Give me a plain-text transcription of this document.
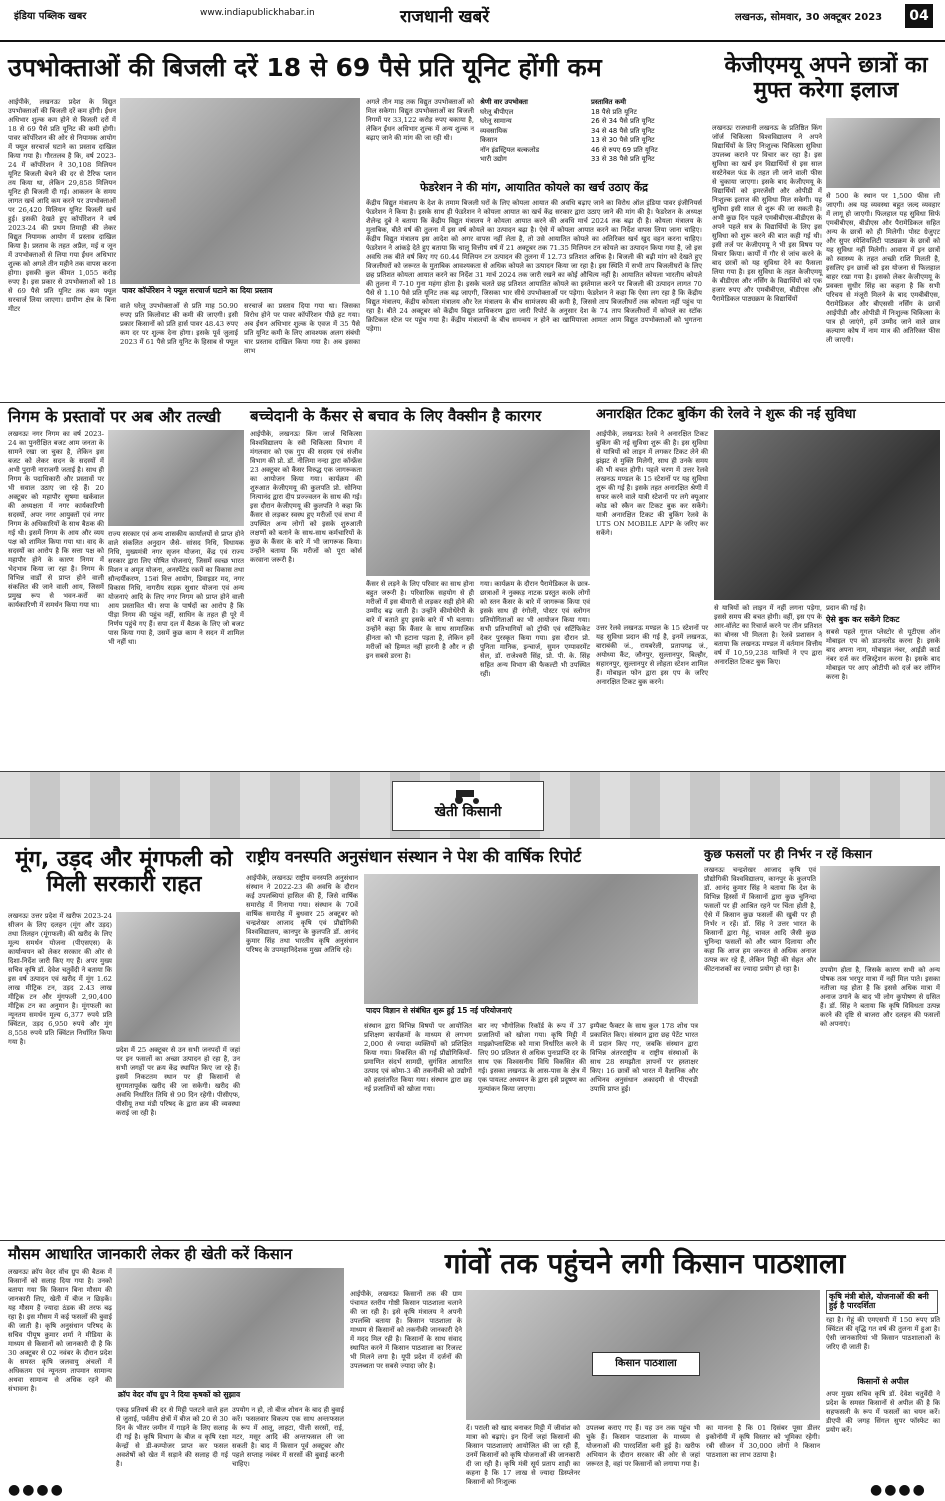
इंडिया पब्लिक खबर	www.indiapublickhabar.in	राजधानी खबरें	लखनऊ, सोमवार, 30 अक्टूबर 2023	04
उपभोक्ताओं की बिजली दरें 18 से 69 पैसे प्रति यूनिट होंगी कम
आईपीके, लखनऊः प्रदेश के विद्युत उपभोक्ताओं की बिजली दरें कम होंगी। ईंधन अधिभार शुल्क कम होने से बिजली दरों में 18 से 69 पैसे प्रति यूनिट की कमी होगी। पावर कॉर्पोरेशन की ओर से नियामक आयोग में फ्यूल सरचार्ज घटाने का प्रस्ताव दाखिल किया गया है। गौरतलब है कि, वर्ष 2023-24 में कॉर्पोरेशन ने 30,108 मिलियन यूनिट बिजली बेचने की दर से टैरिफ प्लान तय किया था, लेकिन 29,858 मिलियन यूनिट ही बिजली दी गई। आकलन के समय लागत खर्च आदि कम करने पर उपभोक्ताओं पर 26,420 मिलियन यूनिट बिजली खर्च हुई। इसकी देखते हुए कॉर्पोरेशन ने वर्ष 2023-24 की प्रथम तिमाही की लेकर विद्युत नियामक आयोग में प्रस्ताव दाखिल किया है। प्रस्ताव के तहत अप्रैल, मई व जून में उपभोक्ताओं से लिया गया ईंधन अधिभार शुल्क को अगले तीन महीने तक वापस करना होगा। इसकी कुल कीमत 1,055 करोड़ रुपए है। इस प्रकार से उपभोक्ताओं को 18 से 69 पैसे प्रति यूनिट तक कम फ्यूल सरचार्ज लिया जाएगा। ग्रामीण क्षेत्र के बिना मीटर
पावर कॉर्पोरेशन ने फ्यूल सरचार्ज घटाने का दिया प्रस्ताव
वाले घरेलू उपभोक्ताओं से प्रति माह 50.90 रुपए प्रति किलोवाट की कमी की जाएगी। इसी प्रकार किसानों को प्रति हार्स पावर 48.43 रुपए कम दर पर शुल्क देना होगा। इसके पूर्व जुलाई 2023 में 61 पैसे प्रति यूनिट के हिसाब से फ्यूल
सरचार्ज का प्रस्ताव दिया गया था। जिसका विरोध होने पर पावर कॉर्पोरेशन पीछे हट गया। अब ईंधन अधिभार शुल्क के एवज में 35 पैसे प्रति यूनिट कमी के लिए आवश्यक अलग संबंधी चार प्रस्ताव दाखिल किया गया है। अब इसका लाभ
अगले तीन माह तक विद्युत उपभोक्ताओं को मिल सकेगा। विद्युत उपभोक्ताओं का बिजली निगमों पर 33,122 करोड़ रुपए बकाया है, लेकिन ईंधन अधिभार शुल्क में अन्य शुल्क न बढ़ाए जाने की मांग की जा रही थी।
श्रेणी वार उपभोक्ता	प्रस्तावित कमी
घरेलू बीपीएल	18 पैसे प्रति यूनिट
घरेलू सामान्य	26 से 34 पैसे प्रति यूनिट
व्यवसायिक	34 से 48 पैसे प्रति यूनिट
किसान	13 से 30 पैसे प्रति यूनिट
नॉन इंडस्ट्रियल बल्कलोड	46 से रुपए 69 प्रति यूनिट
भारी उद्योग	33 से 38 पैसे प्रति यूनिट
फेडरेशन ने की मांग, आयातित कोयले का खर्च उठाए केंद्र
केंद्रीय विद्युत मंत्रालय के देश के तमाम बिजली घरों के लिए कोयला आयात की अवधि बढ़ाए जाने का विरोध ऑल इंडिया पावर इंजीनियर्स फेडरेशन ने किया है। इसके साथ ही फेडरेशन ने कोयला आयात का खर्च केंद्र सरकार द्वारा उठाए जाने की मांग की है। फेडरेशन के अध्यक्ष शैलेन्द्र दुबे ने बताया कि केंद्रीय विद्युत मंत्रालय ने कोयला आयात करने की अवधि मार्च 2024 तक बढ़ा दी है। कोयला मंत्रालय के मुताबिक, बीते वर्ष की तुलना में इस वर्ष कोयले का उत्पादन बढ़ा है। ऐसे में कोयला आयात करने का निर्देश वापस लिया जाना चाहिए। केंद्रीय विद्युत मंत्रालय इस आदेश को अगर वापस नहीं लेता है, तो उसे आयातित कोयले का अतिरिक्त खर्च खुद वहन करना चाहिए। फेडरेशन ने आंकड़े देते हुए बताया कि चालू वित्तीय वर्ष में 21 अक्टूबर तक 71.35 मिलियन टन कोयले का उत्पादन किया गया है, जो इस अवधि तक बीते वर्ष किए गए 60.44 मिलियन टन उत्पादन की तुलना में 12.73 प्रतिशत अधिक है। बिजली की बढ़ी मांग को देखते हुए विजलीघरों को जरूरत के मुताबिक आवश्यकता से अधिक कोयले का उत्पादन किया जा रहा है। इस स्थिति में सभी ताप बिजलीघरों के लिए छह प्रतिशत कोयला आयात करने का निर्देश 31 मार्च 2024 तक जारी रखने का कोई औचित्य नहीं है। आयातित कोयला भारतीय कोयले की तुलना में 7-10 गुना महंगा होता है। इसके चलते छह प्रतिशत आयातित कोयले का इस्तेमाल करने पर बिजली की उत्पादन लागत 70 पैसे से 1.10 पैसे प्रति यूनिट तक बढ़ जाएगी, जिसका भार सीधे उपभोक्ताओं पर पड़ेगा। फेडरेशन ने कहा कि ऐसा लग रहा है कि केंद्रीय विद्युत मंत्रालय, केंद्रीय कोयला मंत्रालय और रेल मंत्रालय के बीच सामंजस्य की कमी है, जिससे ताप बिजलीघरों तक कोयला नहीं पहुंच पा रहा है। बीते 24 अक्टूबर को केंद्रीय विद्युत प्राधिकरण द्वारा जारी रिपोर्ट के अनुसार देश के 74 ताप बिजलीघरों में कोयले का स्टॉक क्रिटिकल स्टेज पर पहुंच गया है। केंद्रीय मंत्रालयों के बीच समन्वय न होने का खामियाजा आमतः आम विद्युत उपभोक्ताओं को भुगतना पड़ेगा।
केजीएमयू अपने छात्रों का मुफ्त करेगा इलाज
लखनऊः राजधानी लखनऊ के प्रतिष्ठित किंग जॉर्ज चिकित्सा विश्वविद्यालय ने अपने विद्यार्थियों के लिए निःशुल्क चिकित्सा सुविधा उपलब्ध कराने पर विचार कर रहा है। इस सुविधा का खर्च इन विद्यार्थियों से इस साल सस्टेनेबल फंड के तहत ली जाने वाली फीस से चुकाया जाएगा। इसके बाद केजीएमयू के विद्यार्थियों को इमरजेंसी और ओपीडी में निःशुल्क इलाज की सुविधा मिल सकेगी। यह सुविधा इसी साल से शुरू की जा सकती है। अभी कुछ दिन पहले एमबीबीएस-बीडीएस के अपने पहले सत्र के विद्यार्थियों के लिए इस सुविधा को शुरू करने की बात कही गई थी। इसी तर्ज पर केजीएमयू ने भी इस विषय पर विचार किया। कार्यों में गौर से जांच करने के बाद छात्रों को यह सुविधा देने का फैसला लिया गया है। इस सुविधा के तहत केजीएमयू के बीडीएस और नर्सिंग के विद्यार्थियों को एक हजार रुपए और एमबीबीएस, बीडीएस और पैरामेडिकल पाठ्यक्रम के विद्यार्थियों
से 500 के स्थान पर 1,500 फीस ली जाएगी। अब यह व्यवस्था बहुत जल्द व्यवहार में लागू हो जाएगी। फिलहाल यह सुविधा सिर्फ एमबीबीएस, बीडीएस और पैरामेडिकल सहित अन्य के छात्रों को ही मिलेगी। पोस्ट ग्रेजुएट और सुपर स्पेशियलिटी पाठ्यक्रम के छात्रों को यह सुविधा नहीं मिलेगी। आवास में इन छात्रों को स्वास्थ्य के तहत अच्छी राशि मिलती है, इसलिए इन छात्रों को इस योजना से फिलहाल बाहर रखा गया है। इसको लेकर केजीएमयू के प्रवक्ता सुधीर सिंह का कहना है कि सभी परिचय से मंजूरी मिलने के बाद एमबीबीएस, पैरामेडिकल और बीएससी नर्सिंग के छात्रों आईपीडी और ओपीडी में निःशुल्क चिकित्सा के पात्र हो जाएंगे, हमें उम्मीद जाने वाले छात्र कल्याण कोष में नाम मात्र की अतिरिक्त फीस ली जाएगी।
निगम के प्रस्तावों पर अब और तल्खी
लखनऊः नगर निगम का वर्ष 2023-24 का पुनरीक्षित बजट आम जनता के सामने रखा जा चुका है, लेकिन इस बजट को लेकर सदन के सदस्यों में अभी पुरानी नाराजगी जताई है। साथ ही निगम के पदाधिकारी और प्रस्तावों पर भी सवाल उठाए जा रहे हैं। 20 अक्टूबर को महापौर सुषमा खर्कवाल की अध्यक्षता में नगर कार्यकारिणी सदस्यों, अपर नगर आयुक्तों एवं नगर निगम के अधिकारियों के साथ बैठक की गई थी। इसमें निगम के आय और व्यय पक्ष को शामिल किया गया था। वाद के सदस्यों का आरोप है कि सत्ता पक्ष को महापौर होने के कारण निगम में भेदभाव किया जा रहा है। निगम के विभिन्न वार्डों से प्राप्त होने वाली संकलित की जाने वाली आय, जिसमें प्रमुख रूप से भवन-करों का कार्यकारिणी में समर्थन किया गया था।
राज्य सरकार एवं अन्य शासकीय कार्यालयों से प्राप्त होने वाले संकलित अनुदान जैसे- सांसद निधि, विधायक निधि, मुख्यमंत्री नगर सृजन योजना, केंद्र एवं राज्य सरकार द्वारा लिए पोषित योजनाएं, जिसमें स्वच्छ भारत मिशन व अमृत योजना, अनस्पेंटेड रकमें का विकास तथा सौन्दर्यीकरण, 15वां वित्त आयोग, डिवाइडर मद, नगर विकास निधि, नागरीय सड़क सुधार योजना एवं अन्य योजनाएं आदि के लिए नगर निगम को प्राप्त होने वाली आय प्रस्तावित थी। सपा के पार्षदों का आरोप है कि पीड़ा निगम की पहुंच नहीं, साधिन के तहत ही पूरे में निर्णय पहुंचे गए हैं। सपा दल में बैठक के लिए जो बजट पास किया गया है, उसमें कुछ काम ने सदन में शामिल भी नहीं था।
बच्चेदानी के कैंसर से बचाव के लिए वैक्सीन है कारगर
आईपीके, लखनऊः किंग जार्ज चिकित्सा विश्वविद्यालय के स्त्री चिकित्सा विभाग में मंगलवार को एक गुप की सदस्य एवं संजीव विभाग की प्रो. डॉ. नीलिमा नन्दा द्वारा कॉन्फ्रेंस 23 अक्टूबर को कैंसर विरुद्ध एक जागरूकता का आयोजन किया गया। कार्यक्रम की शुरुआत केजीएमयू की कुलपति प्रो. सोनिया नित्यानंद द्वारा दीप प्रज्ज्वलन के साथ की गई। इस दौरान केजीएमयू की कुलपति ने कहा कि कैंसर से लड़कर स्वस्थ हुए मरीजों एवं सभा में उपस्थित अन्य लोगों को इसके शुरुआती लक्षणों को बताने के साथ-साथ कर्मचारियों के कुछ के कैंसर के बारे में भी जागरूक किया। उन्होंने बताया कि मरीजों को पूरा कोर्स करवाना जरूरी है।
कैंसर से लड़ने के लिए परिवार का साथ होना बहुत जरूरी है। परिवारिक सहयोग से ही मरीजों में इस बीमारी से लड़कर सही होने की उम्मीद बढ़ जाती है। उन्होंने कीमोथेरेपी के बारे में बताते हुए इसके बारे में भी बताया। उन्होंने कहा कि कैंसर के साथ सामाजिक हीनता को भी हटाना पड़ता है, लेकिन हमें मरीजों को हिम्मत नहीं हारनी है और न ही इन सबसे डरना है।
गया। कार्यक्रम के दौरान पैरामेडिकल के छात्र-छात्राओं ने नुक्कड़ नाटक प्रस्तुत करके लोगों को स्तन कैंसर के बारे में जागरूक किया एवं इसके साथ ही रंगोली, पोस्टर एवं स्लोगन प्रतियोगिताओं का भी आयोजन किया गया। सभी प्रतिभागियों को ट्रॉफी एवं सर्टिफिकेट देकर पुरस्कृत किया गया। इस दौरान प्रो. पुनिता मानिक, इन्चार्ज, सुमन एम्पावरमेंट सेल, डॉ. राजेश्वरी सिंह, प्रो. पी. के. सिंह सहित अन्य विभाग की फैकल्टी भी उपस्थित रहीं।
अनारक्षित टिकट बुकिंग की रेलवे ने शुरू की नई सुविधा
आईपीके, लखनऊः रेलवे ने अनारक्षित टिकट बुकिंग की नई सुविधा शुरू की है। इस सुविधा से यात्रियों को लाइन में लगकर टिकट लेने की झंझट से मुक्ति मिलेगी, साथ ही उनके समय की भी बचत होगी। पहले चरण में उत्तर रेलवे लखनऊ मण्डल के 15 स्टेशनों पर यह सुविधा शुरू की गई है। इसके तहत अनारक्षित श्रेणी में सफर करने वाले यात्री स्टेशनों पर लगे क्यूआर कोड को स्कैन कर टिकट बुक कर सकेंगे। यात्री अनारक्षित टिकट की बुकिंग रेलवे के UTS ON MOBILE APP के जरिए कर सकेंगे।
उत्तर रेलवे लखनऊ मण्डल के 15 स्टेशनों पर यह सुविधा प्रदान की गई है, इनमें लखनऊ, बाराबंकी जं., रायबरेली, प्रतापगढ़ जं., अयोध्या कैंट, जौनपुर, सुल्तानपुर, बिल्हौर, सहारनपुर, सुल्तानपुर से लोहता स्टेशन शामिल हैं। मोबाइल फोन द्वारा इस एप के जरिए अनारक्षित टिकट बुक करने।
से यात्रियों को लाइन में नहीं लगना पड़ेगा, इससे समय की बचत होगी। वहीं, इस एप के आर-वॉलेट का रिचार्ज करने पर तीन प्रतिशत का बोनस भी मिलता है। रेलवे प्रशासन ने बताया कि लखनऊ मण्डल में वर्तमान वित्तीय वर्ष में 10,59,238 यात्रियों ने एप द्वारा अनारक्षित टिकट बुक किए।
प्रदान की गई है।
ऐसे बुक कर सकेंगे टिकट
सबसे पहले गूगल प्लेस्टोर से यूटीएस ऑन मोबाइल एप को डाउनलोड करना है। इसके बाद अपना नाम, मोबाइल नंबर, आईडी कार्ड नंबर दर्ज कर रजिस्ट्रेशन करना है। इसके बाद मोबाइल पर आए ओटीपी को दर्ज कर लॉगिन करना है।
खेती किसानी
मूंग, उड़द और मूंगफली को मिली सरकारी राहत
लखनऊः उत्तर प्रदेश में खरीफ 2023-24 सीजन के लिए दलहन (मूंग और उड़द) तथा तिलहन (मूंगफली) की खरीद के लिए मूल्य समर्थन योजना (पीएसएस) के कार्यान्वयन को लेकर सरकार की ओर से दिशा-निर्देश जारी किए गए हैं। अपर मुख्य सचिव कृषि डॉ. देवेश चतुर्वेदी ने बताया कि इस वर्ष उत्पादन एवं खरीद में मूंग 1.62 लाख मीट्रिक टन, उड़द 2.43 लाख मीट्रिक टन और मूंगफली 2,90,400 मीट्रिक टन का अनुमान है। मूंगफली का न्यूनतम समर्थन मूल्य 6,377 रुपये प्रति क्विंटल, उड़द 6,950 रुपये और मूंग 8,558 रुपये प्रति क्विंटल निर्धारित किया गया है।
प्रदेश में 25 अक्टूबर से उन सभी जनपदों में जहां पर इन फसलों का अच्छा उत्पादन हो रहा है, उन सभी जगहों पर क्रय केंद्र स्थापित किए जा रहे हैं। इसमें निकटतम स्थान पर ही किसानों से सुगमतापूर्वक खरीद की जा सकेगी। खरीद की अवधि निर्धारित तिथि से 90 दिन रहेगी। पीसीएफ, पीसीयू तथा मंडी परिषद के द्वारा क्रय की व्यवस्था कराई जा रही है।
राष्ट्रीय वनस्पति अनुसंधान संस्थान ने पेश की वार्षिक रिपोर्ट
आईपीके, लखनऊः राष्ट्रीय वनस्पति अनुसंधान संस्थान ने 2022-23 की अवधि के दौरान कई उपलब्धियां हासिल की हैं, जिसे वार्षिक समारोह में गिनाया गया। संस्थान के 70वें वार्षिक समारोह में बुधवार 25 अक्टूबर को चन्द्रशेखर आजाद कृषि एवं प्रौद्योगिकी विश्वविद्यालय, कानपुर के कुलपति डॉ. आनंद कुमार सिंह तथा भारतीय कृषि अनुसंधान परिषद के उपमहानिदेशक मुख्य अतिथि रहे।
पादप विज्ञान से संबंधित शुरू हुई 15 नई परियोजनाएं
संस्थान द्वारा विभिन्न विषयों पर आयोजित प्रशिक्षण कार्यक्रमों के माध्यम से लगभग 2,000 से ज्यादा व्यक्तियों को प्रशिक्षित किया गया। विकसित की गई प्रौद्योगिकियों- प्रमाणित संदर्भ सामग्री, सुगंधित आधारित उत्पाद एवं कोमा-3 की तकनीकी को उद्योगों को हस्तांतरित किया गया। संस्थान द्वारा छह नई प्रजातियों को खोजा गया।
बार नए भौगोलिक रिकॉर्ड के रूप में 37 प्रजातियों को खोजा गया। कृषि मिट्टी में माइक्रोप्लास्टिक को मात्रा निर्धारित करने के लिए 90 प्रतिशत से अधिक पुनःप्राप्ति दर के साथ एक विश्वसनीय विधि विकसित की गई। इसका लखनऊ के आस-पास के क्षेत्र में एक पायलट अध्ययन के द्वारा इसे प्रदूषण का मूल्यांकन किया जाएगा।
इम्पैक्ट फैक्टर के साथ कुल 178 शोध पत्र प्रकाशित किए। संस्थान द्वारा छह पेटेंट भारत में प्रदान किए गए, जबकि संस्थान द्वारा विभिन्न अंतरराष्ट्रीय व राष्ट्रीय संस्थाओं के साथ 28 समझौता ज्ञापनों पर हस्ताक्षर किए। 16 छात्रों को भारत में वैज्ञानिक और अभिनव अनुसंधान अकादमी से पीएचडी उपाधि प्राप्त हुई।
कुछ फसलों पर ही निर्भर न रहें किसान
लखनऊः चन्द्रशेखर आजाद कृषि एवं प्रौद्योगिकी विश्वविद्यालय, कानपुर के कुलपति डॉ. आनंद कुमार सिंह ने बताया कि देश के विभिन्न हिस्सों में किसानों द्वारा कुछ चुनिन्दा फसलों पर ही आश्रित रहने पर चिंता होती है, ऐसे में किसान कुछ फसलों की खुबी पर ही निर्भर न रहें। डॉ. सिंह ने उत्तर भारत के किसानों द्वारा गेहूं, चावल आदि जैसी कुछ चुनिन्दा फसलों को और ध्यान दिलाया और कहा कि आज हम जरूरत से अधिक अनाज उत्पन्न कर रहे हैं, लेकिन मिट्टी की सेहत और कीटनाशकों का ज्यादा प्रयोग हो रहा है।	उपयोग होता है, जिसके कारण सभी को अन्य पोषक तत्व भरपूर मात्रा में नहीं मिल पाते। इसका नतीजा यह होता है कि इससे अधिक मात्रा में अनाज उगाने के बाद भी लोग कुपोषण से ग्रसित हैं। डॉ. सिंह ने बताया कि कृषि विविधता उत्पन्न करने की दृष्टि से बाजरा और दलहन की फसलों को अपनाएं।
मौसम आधारित जानकारी लेकर ही खेती करें किसान
लखनऊः क्रॉप वेदर वॉच ग्रुप की बैठक में किसानों को सलाह दिया गया है। उनको बताया गया कि किसान बिना मौसम की जानकारी लिए, खेती में बीज न छिड़कें। यह मौसम है ज्यादा ठंडक की तरफ बढ़ रहा है। इस मौसम में कई फसलों की बुवाई की जाती है। कृषि अनुसंधान परिषद के सचिव पीयूष कुमार शर्मा ने मीडिया के माध्यम से किसानों को जानकारी दी है कि 30 अक्टूबर से 02 नवंबर के दौरान प्रदेश के समस्त कृषि जलवायु अंचलों में अधिकतम एवं न्यूनतम तापमान सामान्य अथवा सामान्य से अधिक रहने की संभावना है।
क्रॉप वेदर वॉच ग्रुप ने दिया कृषकों को सुझाव
एकड़ प्रतिवर्ष की दर से मिट्टी पलटने वाले हल से जुताई, पर्वतीय क्षेत्रों में बीज को 20 से 30 दिन के भीतर जमीन में गाड़ने के लिए सलाह दी गई है। कृषि विभाग के बीज व कृषि रक्षा केन्द्रों से डी-कम्पोजर प्राप्त कर फसल अवशेषों को खेत में सड़ाने की सलाह दी गई है।
उपयोग न हो, तो बीज शोधन के बाद ही बुवाई करें। फसलवार विकल्प एक साथ अन्तःफसल के रूप में आलू, लाहटा, पीली सरसों, राई, मटर, मसूर आदि की अन्तःफसल ली जा सकती है। बाद में किसान पूर्व अक्टूबर और पहले सप्ताह नवंबर में सरसों की बुवाई करनी चाहिए।
गांवों तक पहुंचने लगी किसान पाठशाला
आईपीके, लखनऊः किसानों तक की ग्राम पंचायत स्तरीय गोष्ठी किसान पाठशाला चलाने की जा रही है। इसे कृषि मंत्रालय ने अपनी उपलब्धि बताया है। किसान पाठशाला के माध्यम से किसानों को तकनीकी जानकारी देने में मदद मिल रही है। किसानों के साथ संवाद स्थापित करने में किसान पाठशाला का रिजल्ट भी मिलने लगा है। यूपी प्रदेश में दर्जनों की उपलब्धता पर सबसे ज्यादा जोर है।	किसान पाठशाला
दें। पराली को खाद बनाकर मिट्टी में जीवांश को मात्रा को बढ़ाएं। इन दिनों जहां किसानों की किसान पाठशालाएं आयोजित की जा रही हैं, उनमें किसानों को कृषि योजनाओं की जानकारी दी जा रही है। कृषि मंत्री सूर्य प्रताप शाही का कहना है कि 17 लाख से ज्यादा डिस्प्लेनर किसानों को निःशुल्क
उपलब्ध कराए गए हैं। यह उन तक पहुंच भी चुके हैं। किसान पाठशाला के माध्यम से योजनाओं की पारदर्शिता बनी हुई है। खरीफ अभियान के दौरान सरकार की ओर से जहां जरूरत है, वहां पर किसानों को लगाया गया है।
का मानना है कि 01 दिसंबर पूसा डीलर इकोनॉमी में कृषि विस्तार को भूमिका रहेगी। रबी सीजन में 30,000 लोगों ने किसान पाठशाला का लाभ उठाया है।
कृषि मंत्री बोले, योजनाओं की बनी हुई है पारदर्शिता
रहा है। गेहूं की एमएसपी में 150 रुपए प्रति क्विंटल की वृद्धि गत वर्ष की तुलना में हुआ है। ऐसी जानकारियां भी किसान पाठशालाओं के जरिए दी जाती हैं।
किसानों से अपील
अपर मुख्य सचिव कृषि डॉ. देवेश चतुर्वेदी ने प्रदेश के समस्त किसानों से अपील की है कि सहफसली के रूप में फसलों का चयन करें। डीएपी की जगह सिंगल सुपर फॉस्फेट का प्रयोग करें।
●●●●	●●●●
